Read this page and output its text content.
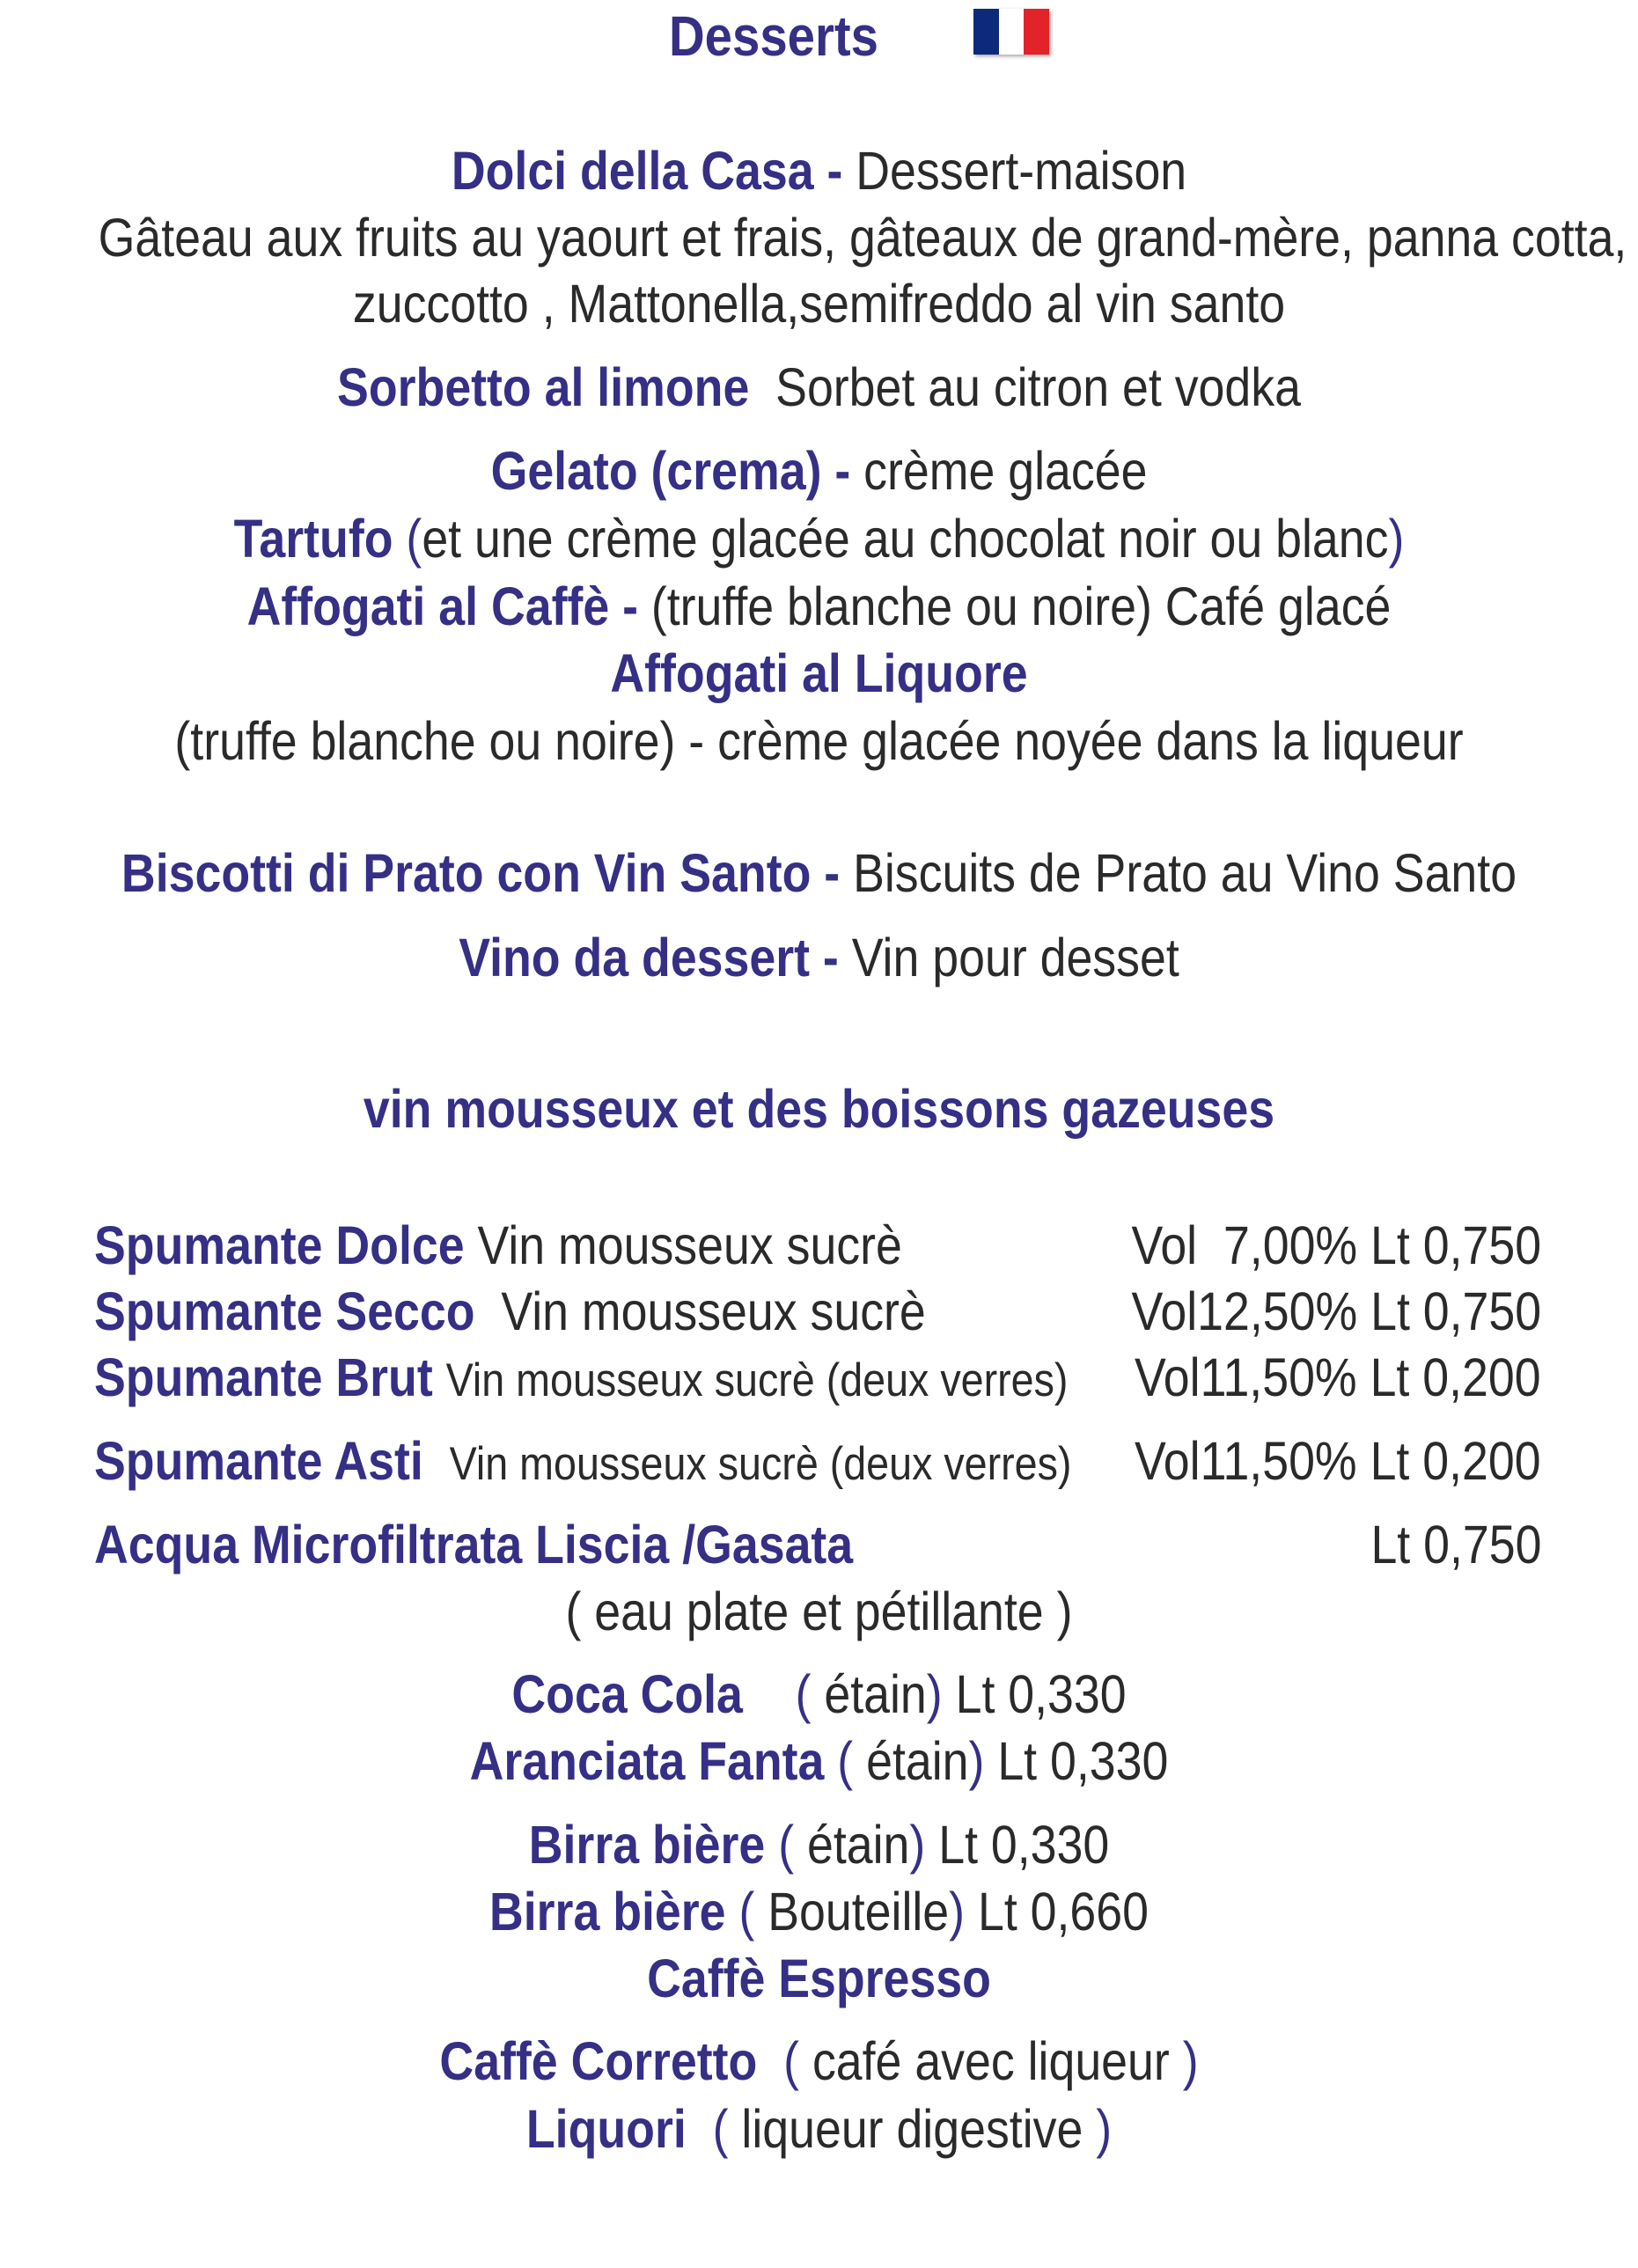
Desserts
Dolci della Casa - Dessert-maison
Gâteau aux fruits au yaourt et frais, gâteaux de grand-mère, panna cotta,
zuccotto , Mattonella,semifreddo al vin santo
Sorbetto al limone Sorbet au citron et vodka
Gelato (crema) - crème glacée
Tartufo (et une crème glacée au chocolat noir ou blanc)
Affogati al Caffè - (truffe blanche ou noire) Café glacé
Affogati al Liquore
(truffe blanche ou noire) - crème glacée noyée dans la liqueur
Biscotti di Prato con Vin Santo - Biscuits de Prato au Vino Santo
Vino da dessert - Vin pour desset
vin mousseux et des boissons gazeuses
Spumante Dolce Vin mousseux sucrè	Vol  7,00% Lt 0,750
Spumante Secco Vin mousseux sucrè	Vol12,50% Lt 0,750
Spumante Brut Vin mousseux sucrè (deux verres) Vol11,50% Lt 0,200
Spumante Asti Vin mousseux sucrè (deux verres) Vol11,50% Lt 0,200
Acqua Microfiltrata Liscia /Gasata	Lt 0,750
( eau plate et pétillante )
Coca Cola ( étain) Lt 0,330
Aranciata Fanta ( étain) Lt 0,330
Birra bière ( étain) Lt 0,330
Birra bière ( Bouteille) Lt 0,660
Caffè Espresso
Caffè Corretto ( café avec liqueur )
Liquori ( liqueur digestive )
